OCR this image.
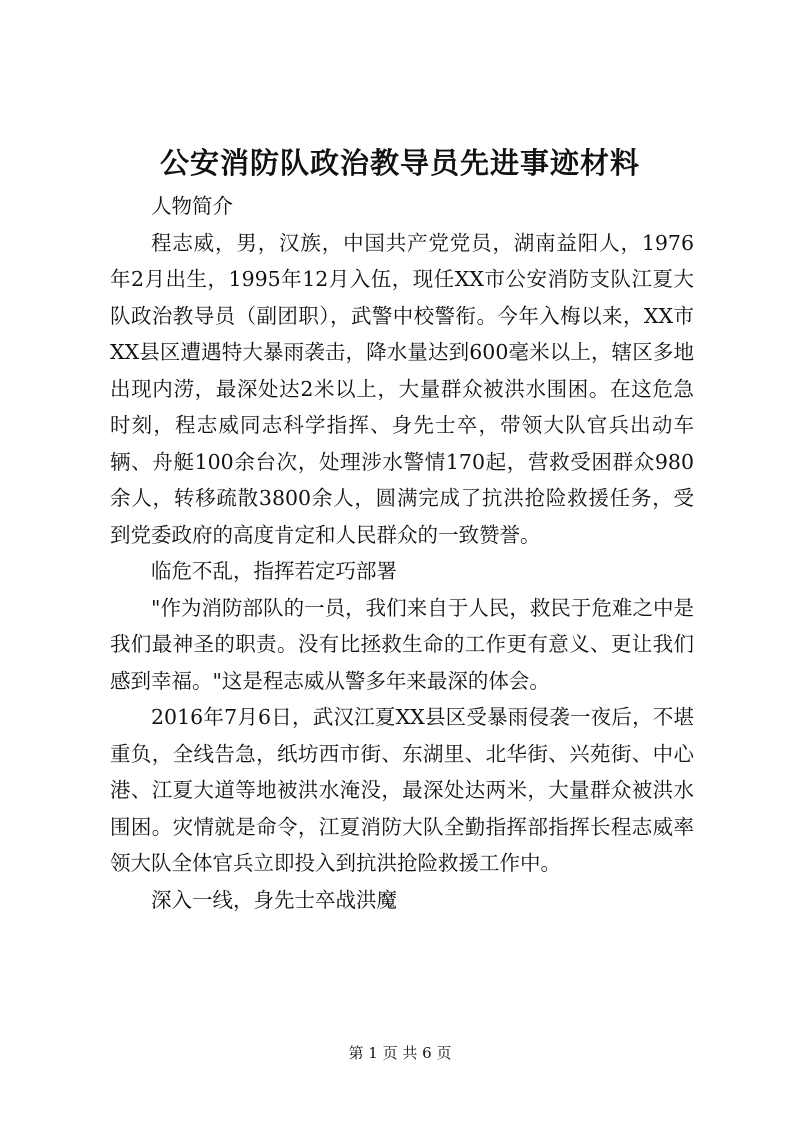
公安消防队政治教导员先进事迹材料

人物简介

程志威，男，汉族，中国共产党党员，湖南益阳人，1976年2月出生，1995年12月入伍，现任XX市公安消防支队江夏大队政治教导员（副团职），武警中校警衔。今年入梅以来，XX市XX县区遭遇特大暴雨袭击，降水量达到600毫米以上，辖区多地出现内涝，最深处达2米以上，大量群众被洪水围困。在这危急时刻，程志威同志科学指挥、身先士卒，带领大队官兵出动车辆、舟艇100余台次，处理涉水警情170起，营救受困群众980余人，转移疏散3800余人，圆满完成了抗洪抢险救援任务，受到党委政府的高度肯定和人民群众的一致赞誉。

临危不乱，指挥若定巧部署

"作为消防部队的一员，我们来自于人民，救民于危难之中是我们最神圣的职责。没有比拯救生命的工作更有意义、更让我们感到幸福。"这是程志威从警多年来最深的体会。

2016年7月6日，武汉江夏XX县区受暴雨侵袭一夜后，不堪重负，全线告急，纸坊西市街、东湖里、北华街、兴苑街、中心港、江夏大道等地被洪水淹没，最深处达两米，大量群众被洪水围困。灾情就是命令，江夏消防大队全勤指挥部指挥长程志威率领大队全体官兵立即投入到抗洪抢险救援工作中。

深入一线，身先士卒战洪魔

第 1 页 共 6 页
